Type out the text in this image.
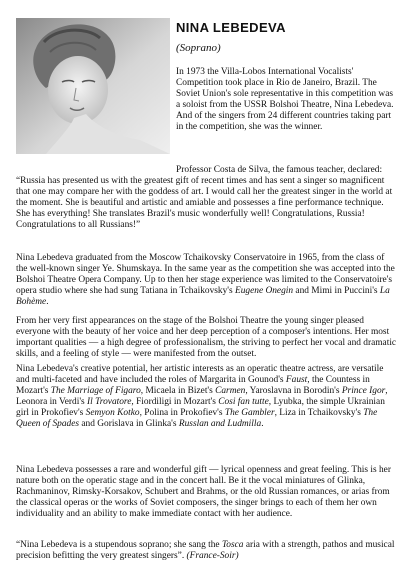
NINA LEBEDEVA
(Soprano)

In 1973 the Villa-Lobos International Vocalists' Competition took place in Rio de Janeiro, Brazil. The Soviet Union's sole representative in this competition was a soloist from the USSR Bolshoi Theatre, Nina Lebedeva. And of the singers from 24 different countries taking part in the competition, she was the winner.

Professor Costa de Silva, the famous teacher, declared: “Russia has presented us with the greatest gift of recent times and has sent a singer so magnificent that one may compare her with the goddess of art. I would call her the greatest singer in the world at the moment. She is beautiful and artistic and amiable and possesses a fine performance technique. She has everything! She translates Brazil's music wonderfully well! Congratulations, Russia! Congratulations to all Russians!”

Nina Lebedeva graduated from the Moscow Tchaikovsky Conservatoire in 1965, from the class of the well-known singer Ye. Shumskaya. In the same year as the competition she was accepted into the Bolshoi Theatre Opera Company. Up to then her stage experience was limited to the Conservatoire's opera studio where she had sung Tatiana in Tchaikovsky's Eugene Onegin and Mimi in Puccini's La Bohème.

From her very first appearances on the stage of the Bolshoi Theatre the young singer pleased everyone with the beauty of her voice and her deep perception of a composer's intentions. Her most important qualities — a high degree of professionalism, the striving to perfect her vocal and dramatic skills, and a feeling of style — were manifested from the outset.

Nina Lebedeva's creative potential, her artistic interests as an operatic theatre actress, are versatile and multi-faceted and have included the roles of Margarita in Gounod's Faust, the Countess in Mozart's The Marriage of Figaro, Micaela in Bizet's Carmen, Yaroslavna in Borodin's Prince Igor, Leonora in Verdi's Il Trovatore, Fiordiligi in Mozart's Cosi fan tutte, Lyubka, the simple Ukrainian girl in Prokofiev's Semyon Kotko, Polina in Prokofiev's The Gambler, Liza in Tchaikovsky's The Queen of Spades and Gorislava in Glinka's Russlan and Ludmilla.

Nina Lebedeva possesses a rare and wonderful gift — lyrical openness and great feeling. This is her nature both on the operatic stage and in the concert hall. Be it the vocal miniatures of Glinka, Rachmaninov, Rimsky-Korsakov, Schubert and Brahms, or the old Russian romances, or arias from the classical operas or the works of Soviet composers, the singer brings to each of them her own individuality and an ability to make immediate contact with her audience.

“Nina Lebedeva is a stupendous soprano; she sang the Tosca aria with a strength, pathos and musical precision befitting the very greatest singers”. (France-Soir)
